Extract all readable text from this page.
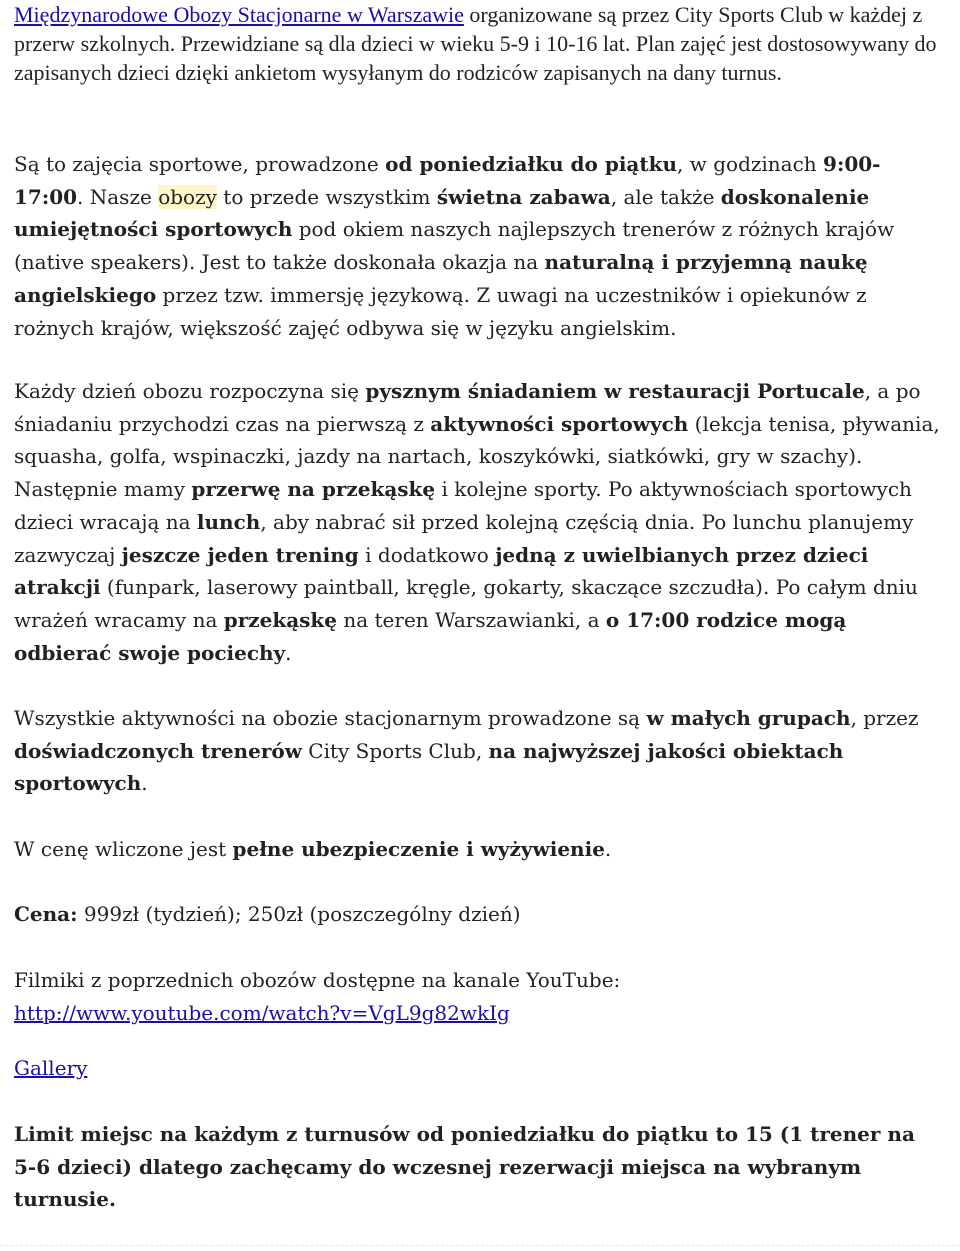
Międzynarodowe Obozy Stacjonarne w Warszawie organizowane są przez City Sports Club w każdej z przerw szkolnych. Przewidziane są dla dzieci w wieku 5-9 i 10-16 lat. Plan zajęć jest dostosowywany do zapisanych dzieci dzięki ankietom wysyłanym do rodziców zapisanych na dany turnus.

Są to zajęcia sportowe, prowadzone od poniedziałku do piątku, w godzinach 9:00-17:00. Nasze obozy to przede wszystkim świetna zabawa, ale także doskonalenie umiejętności sportowych pod okiem naszych najlepszych trenerów z różnych krajów (native speakers). Jest to także doskonała okazja na naturalną i przyjemną naukę angielskiego przez tzw. immersję językową. Z uwagi na uczestników i opiekunów z rożnych krajów, większość zajęć odbywa się w języku angielskim.

Każdy dzień obozu rozpoczyna się pysznym śniadaniem w restauracji Portucale, a po śniadaniu przychodzi czas na pierwszą z aktywności sportowych (lekcja tenisa, pływania, squasha, golfa, wspinaczki, jazdy na nartach, koszykówki, siatkówki, gry w szachy). Następnie mamy przerwę na przekąskę i kolejne sporty. Po aktywnościach sportowych dzieci wracają na lunch, aby nabrać sił przed kolejną częścią dnia. Po lunchu planujemy zazwyczaj jeszcze jeden trening i dodatkowo jedną z uwielbianych przez dzieci atrakcji (funpark, laserowy paintball, kręgle, gokarty, skaczące szczudła). Po całym dniu wrażeń wracamy na przekąskę na teren Warszawianki, a o 17:00 rodzice mogą odbierać swoje pociechy.

Wszystkie aktywności na obozie stacjonarnym prowadzone są w małych grupach, przez doświadczonych trenerów City Sports Club, na najwyższej jakości obiektach sportowych.

W cenę wliczone jest pełne ubezpieczenie i wyżywienie.

Cena: 999zł (tydzień); 250zł (poszczególny dzień)

Filmiki z poprzednich obozów dostępne na kanale YouTube: http://www.youtube.com/watch?v=VgL9g82wkIg

Gallery

Limit miejsc na każdym z turnusów od poniedziałku do piątku to 15 (1 trener na 5-6 dzieci) dlatego zachęcamy do wczesnej rezerwacji miejsca na wybranym turnusie.
